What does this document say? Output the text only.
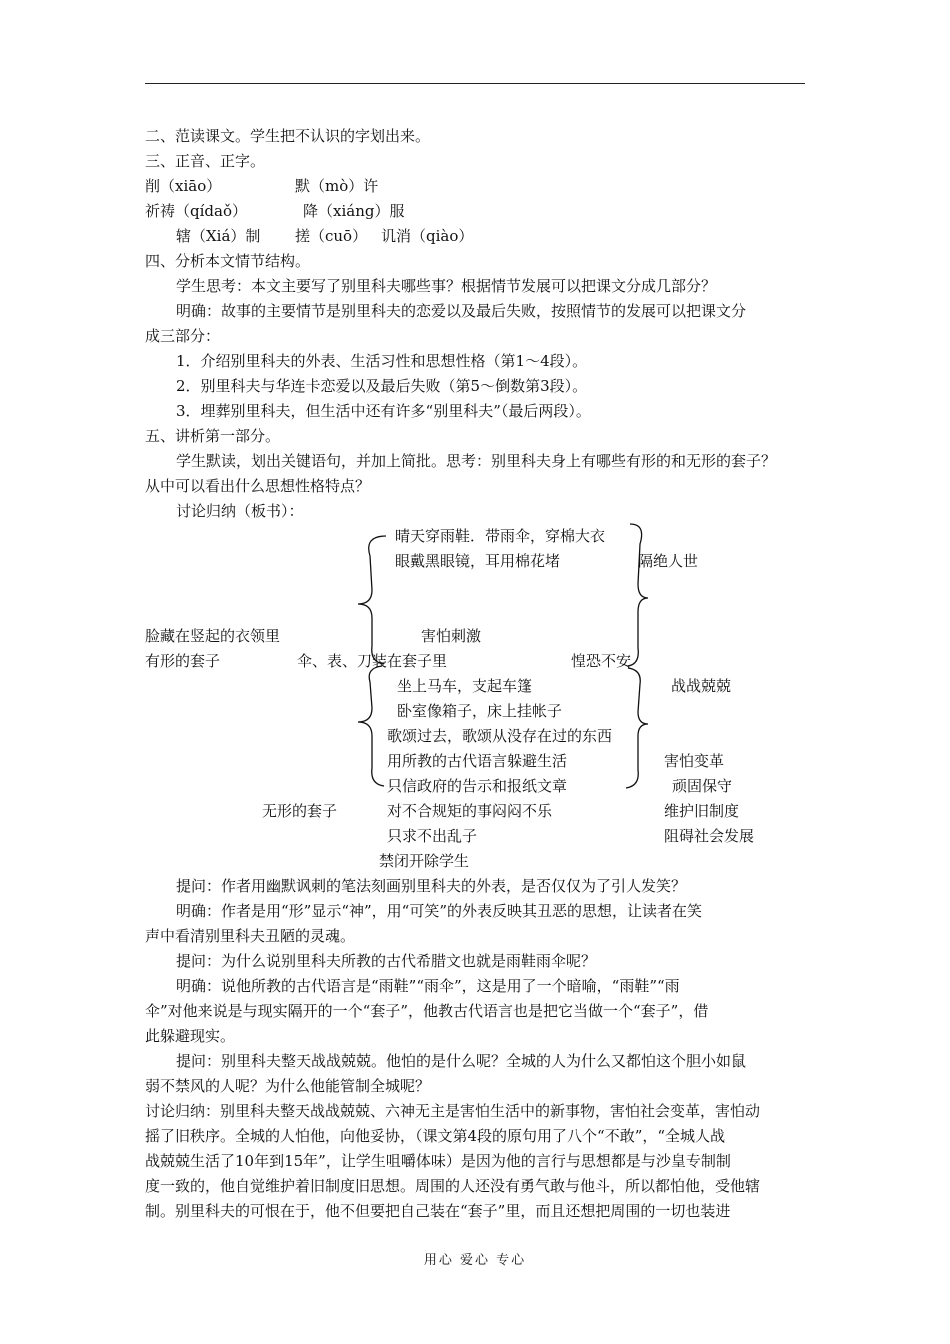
二、范读课文。学生把不认识的字划出来。
三、正音、正字。
削（xiāo）	默（mò）许
祈祷（qídaǒ）	降（xiáng）服
辖（Xiá）制 搓（cuō） 讥消（qiào）
四、分析本文情节结构。
学生思考：本文主要写了别里科夫哪些事？根据情节发展可以把课文分成几部分？
明确：故事的主要情节是别里科夫的恋爱以及最后失败，按照情节的发展可以把课文分
成三部分：
1．介绍别里科夫的外表、生活习性和思想性格（第1～4段）。
2．别里科夫与华连卡恋爱以及最后失败（第5～倒数第3段）。
3．埋葬别里科夫，但生活中还有许多“别里科夫”（最后两段）。
五、讲析第一部分。
学生默读，划出关键语句，并加上简批。思考：别里科夫身上有哪些有形的和无形的套子？
从中可以看出什么思想性格特点？
讨论归纳（板书）：
晴天穿雨鞋．带雨伞，穿棉大衣
眼戴黑眼镜，耳用棉花堵	隔绝人世
脸藏在竖起的衣领里	害怕刺激
有形的套子	伞、表、刀装在套子里	惶恐不安
坐上马车，支起车篷	战战兢兢
卧室像箱子，床上挂帐子
歌颂过去，歌颂从没存在过的东西
用所教的古代语言躲避生活	害怕变革
只信政府的告示和报纸文章	顽固保守
无形的套子	对不合规矩的事闷闷不乐	维护旧制度
只求不出乱子	阻碍社会发展
禁闭开除学生
提问：作者用幽默讽刺的笔法刻画别里科夫的外表，是否仅仅为了引人发笑？
明确：作者是用“形”显示“神”，用“可笑”的外表反映其丑恶的思想，让读者在笑
声中看清别里科夫丑陋的灵魂。
提问：为什么说别里科夫所教的古代希腊文也就是雨鞋雨伞呢？
明确：说他所教的古代语言是“雨鞋”“雨伞”，这是用了一个暗喻，“雨鞋”“雨
伞”对他来说是与现实隔开的一个“套子”，他教古代语言也是把它当做一个“套子”，借
此躲避现实。
提问：别里科夫整天战战兢兢。他怕的是什么呢？全城的人为什么又都怕这个胆小如鼠
弱不禁风的人呢？为什么他能管制全城呢？
讨论归纳：别里科夫整天战战兢兢、六神无主是害怕生活中的新事物，害怕社会变革，害怕动
摇了旧秩序。全城的人怕他，向他妥协，（课文第4段的原句用了八个“不敢”，“全城人战
战兢兢生活了10年到15年”，让学生咀嚼体味）是因为他的言行与思想都是与沙皇专制制
度一致的，他自觉维护着旧制度旧思想。周围的人还没有勇气敢与他斗，所以都怕他，受他辖
制。别里科夫的可恨在于，他不但要把自己装在“套子”里，而且还想把周围的一切也装进
用心 爱心 专心
